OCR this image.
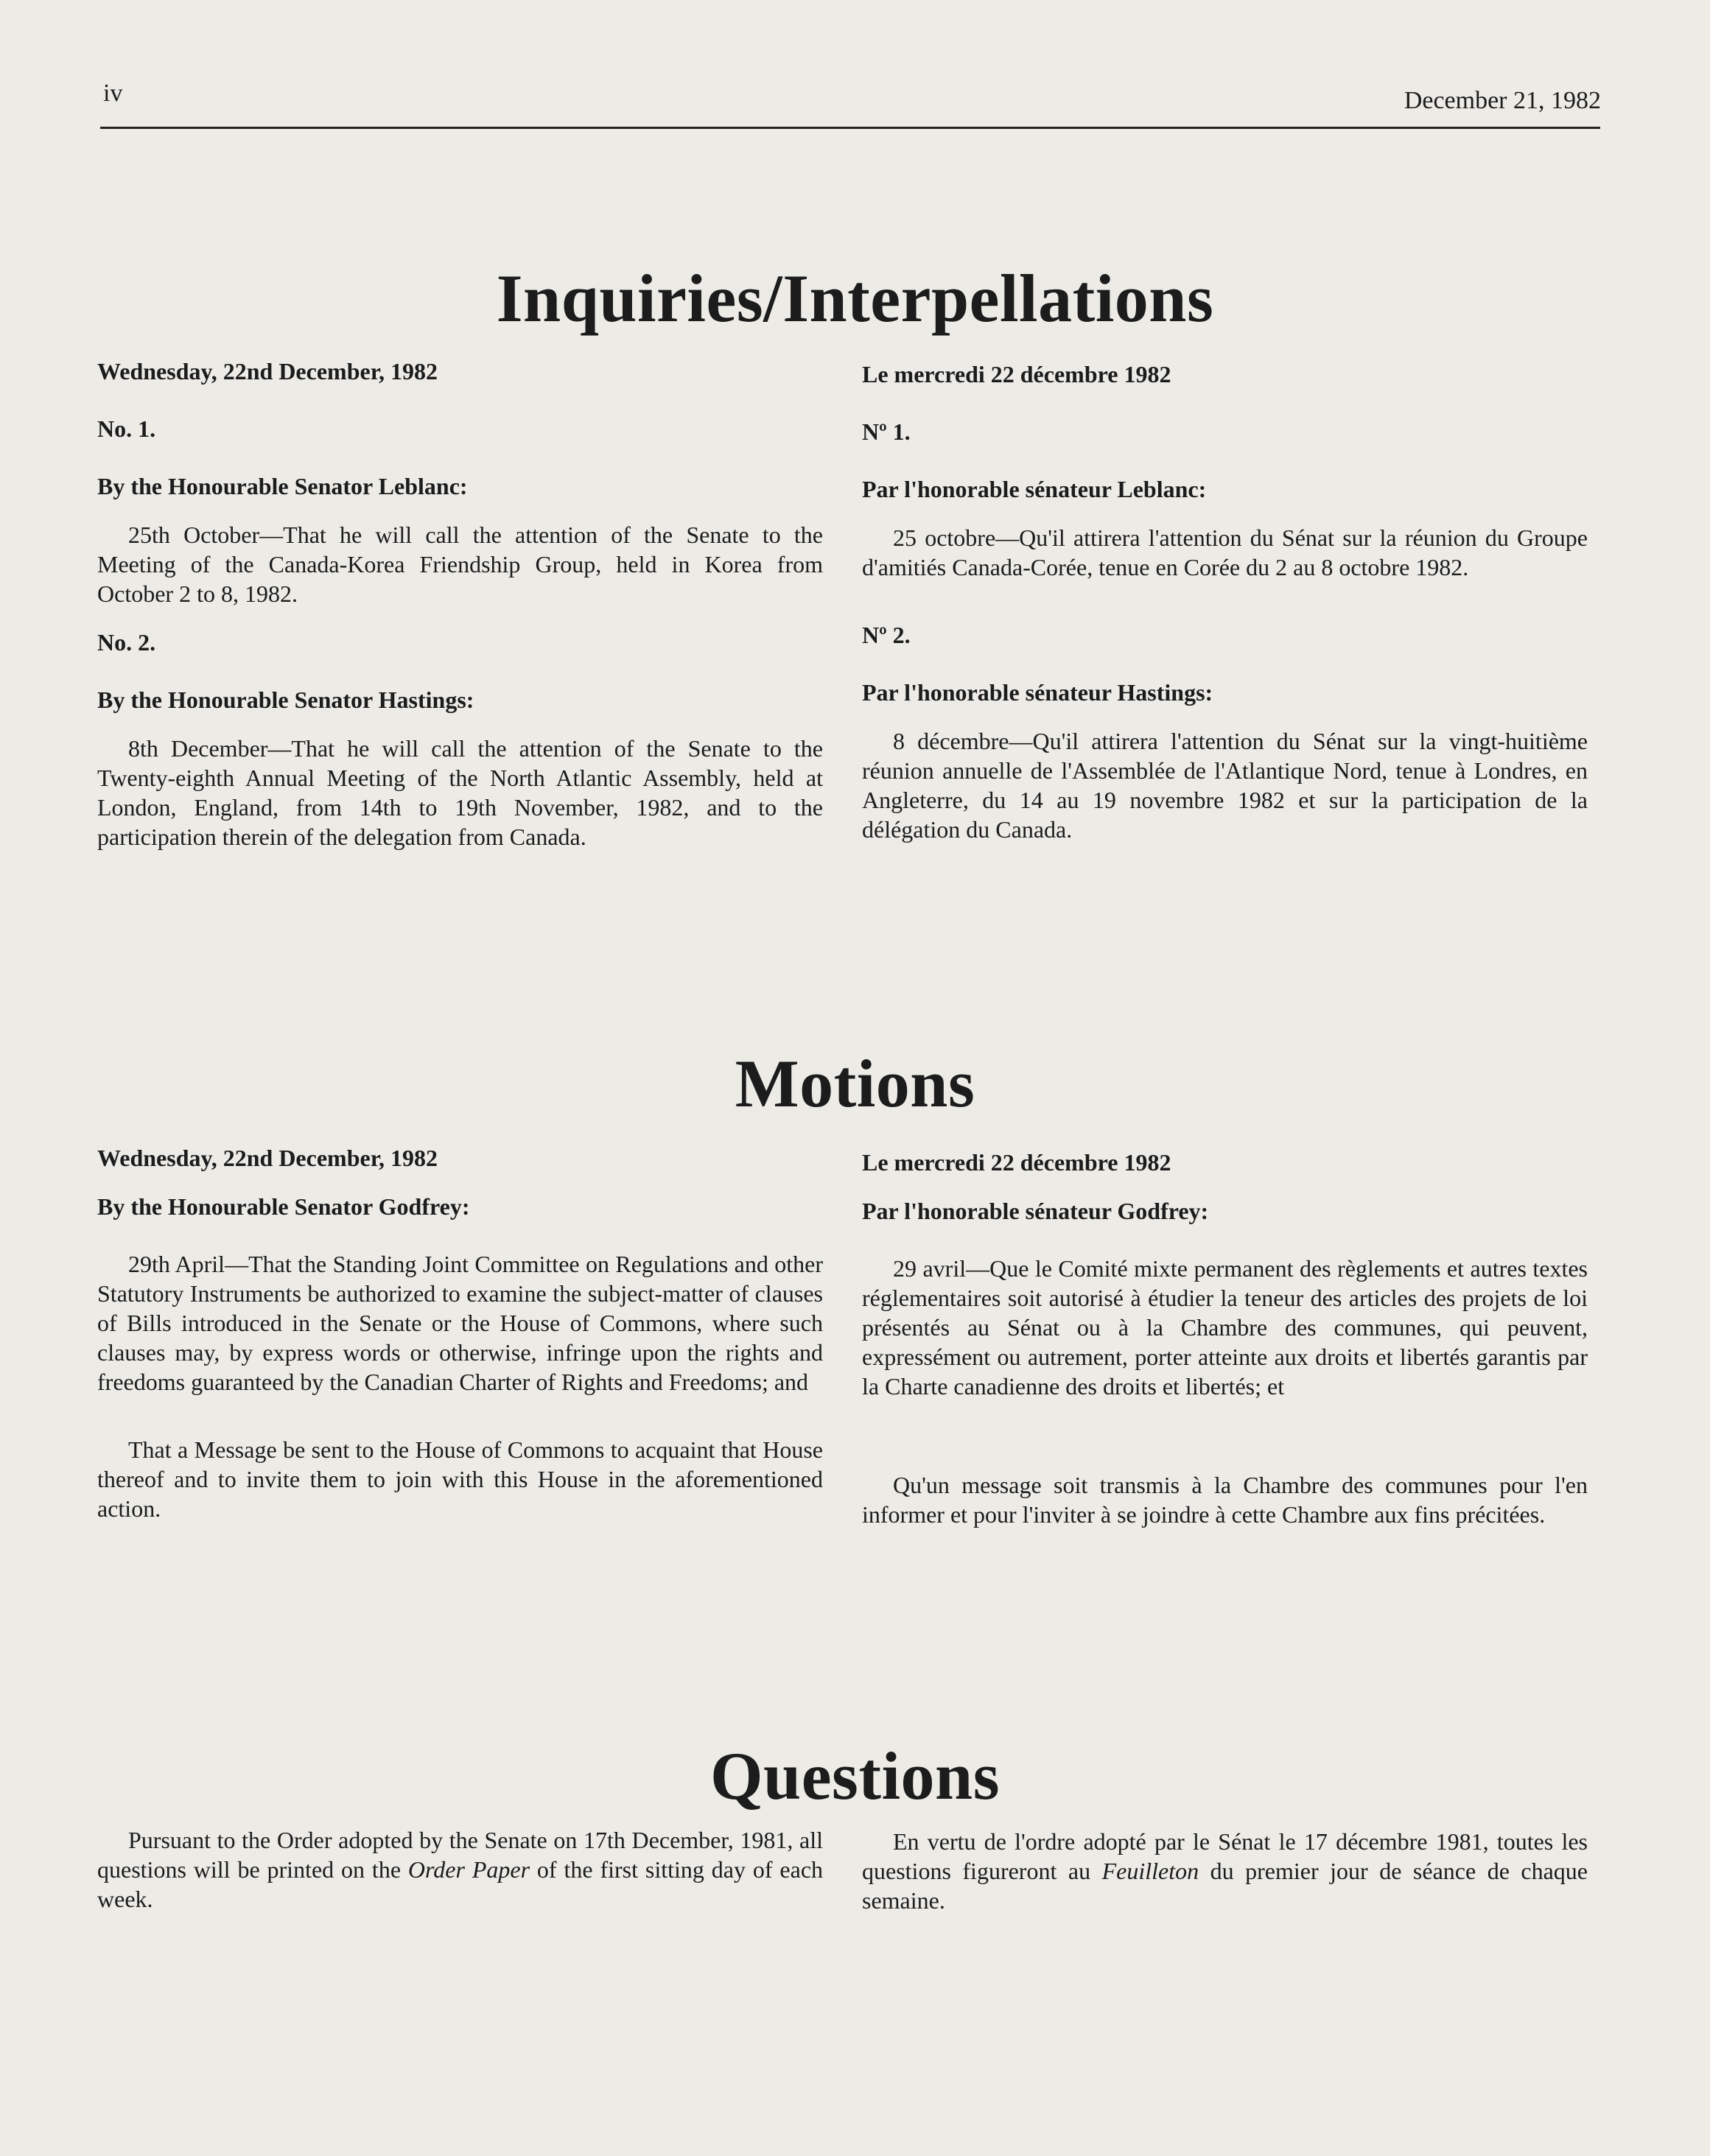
iv	December 21, 1982
Inquiries/Interpellations

Wednesday, 22nd December, 1982

No. 1.

By the Honourable Senator Leblanc:

25th October—That he will call the attention of the Senate to the Meeting of the Canada-Korea Friendship Group, held in Korea from October 2 to 8, 1982.

No. 2.

By the Honourable Senator Hastings:

8th December—That he will call the attention of the Senate to the Twenty-eighth Annual Meeting of the North Atlantic Assembly, held at London, England, from 14th to 19th November, 1982, and to the participation therein of the delegation from Canada.

Le mercredi 22 décembre 1982

Nº 1.

Par l'honorable sénateur Leblanc:

25 octobre—Qu'il attirera l'attention du Sénat sur la réunion du Groupe d'amitiés Canada-Corée, tenue en Corée du 2 au 8 octobre 1982.

Nº 2.

Par l'honorable sénateur Hastings:

8 décembre—Qu'il attirera l'attention du Sénat sur la vingt-huitième réunion annuelle de l'Assemblée de l'Atlantique Nord, tenue à Londres, en Angleterre, du 14 au 19 novembre 1982 et sur la participation de la délégation du Canada.

Motions

Wednesday, 22nd December, 1982

By the Honourable Senator Godfrey:

29th April—That the Standing Joint Committee on Regulations and other Statutory Instruments be authorized to examine the subject-matter of clauses of Bills introduced in the Senate or the House of Commons, where such clauses may, by express words or otherwise, infringe upon the rights and freedoms guaranteed by the Canadian Charter of Rights and Freedoms; and

That a Message be sent to the House of Commons to acquaint that House thereof and to invite them to join with this House in the aforementioned action.

Le mercredi 22 décembre 1982

Par l'honorable sénateur Godfrey:

29 avril—Que le Comité mixte permanent des règlements et autres textes réglementaires soit autorisé à étudier la teneur des articles des projets de loi présentés au Sénat ou à la Chambre des communes, qui peuvent, expressément ou autrement, porter atteinte aux droits et libertés garantis par la Charte canadienne des droits et libertés; et

Qu'un message soit transmis à la Chambre des communes pour l'en informer et pour l'inviter à se joindre à cette Chambre aux fins précitées.

Questions

Pursuant to the Order adopted by the Senate on 17th December, 1981, all questions will be printed on the Order Paper of the first sitting day of each week.

En vertu de l'ordre adopté par le Sénat le 17 décembre 1981, toutes les questions figureront au Feuilleton du premier jour de séance de chaque semaine.
